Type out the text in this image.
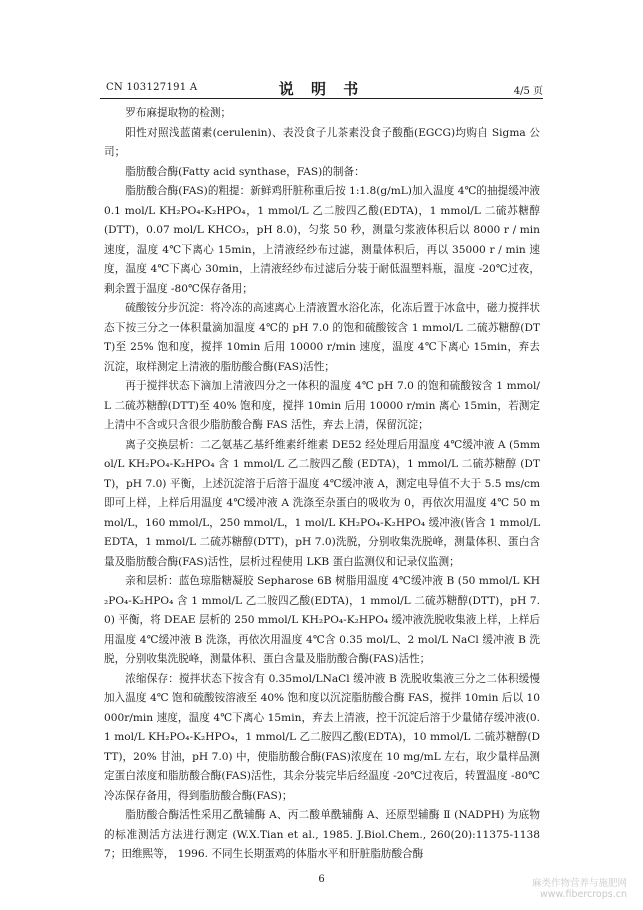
CN 103127191 A	说 明 书	4/5 页

罗布麻提取物的检测；

阳性对照浅蓝菌素(cerulenin)、表没食子儿茶素没食子酸酯(EGCG)均购自 Sigma 公司；

脂肪酸合酶(Fatty acid synthase，FAS)的制备：

脂肪酸合酶(FAS)的粗提：新鲜鸡肝脏称重后按 1:1.8(g/mL)加入温度 4℃的抽提缓冲液 0.1 mol/L KH₂PO₄-K₂HPO₄，1 mmol/L 乙二胺四乙酸(EDTA)，1 mmol/L 二硫苏糖醇(DTT)，0.07 mol/L KHCO₃，pH 8.0)，匀浆 50 秒，测量匀浆液体积后以 8000 r / min 速度，温度 4℃下离心 15min，上清液经纱布过滤，测量体积后，再以 35000 r / min 速度，温度 4℃下离心 30min，上清液经纱布过滤后分装于耐低温塑料瓶，温度 -20℃过夜，剩余置于温度 -80℃保存备用；

硫酸铵分步沉淀：将冷冻的高速离心上清液置水浴化冻，化冻后置于冰盒中，磁力搅拌状态下按三分之一体积量滴加温度 4℃的 pH 7.0 的饱和硫酸铵含 1 mmol/L 二硫苏糖醇(DTT)至 25% 饱和度，搅拌 10min 后用 10000 r/min 速度，温度 4℃下离心 15min，弃去沉淀，取样测定上清液的脂肪酸合酶(FAS)活性；

再于搅拌状态下滴加上清液四分之一体积的温度 4℃ pH 7.0 的饱和硫酸铵含 1 mmol/L 二硫苏糖醇(DTT)至 40% 饱和度，搅拌 10min 后用 10000 r/min 离心 15min，若测定上清中不含或只含很少脂肪酸合酶 FAS 活性，弃去上清，保留沉淀；

离子交换层析：二乙氨基乙基纤维素纤维素 DE52 经处理后用温度 4℃缓冲液 A (5mmol/L KH₂PO₄-K₂HPO₄ 含 1 mmol/L 乙二胺四乙酸 (EDTA)，1 mmol/L 二硫苏糖醇 (DTT)，pH 7.0) 平衡，上述沉淀溶于后溶于温度 4℃缓冲液 A，测定电导值不大于 5.5 ms/cm 即可上样，上样后用温度 4℃缓冲液 A 洗涤至杂蛋白的吸收为 0，再依次用温度 4℃ 50 mmol/L，160 mmol/L，250 mmol/L，1 mol/L KH₂PO₄-K₂HPO₄ 缓冲液(皆含 1 mmol/L EDTA，1 mmol/L 二硫苏糖醇(DTT)，pH 7.0)洗脱，分别收集洗脱峰，测量体积、蛋白含量及脂肪酸合酶(FAS)活性，层析过程使用 LKB 蛋白监测仪和记录仪监测；

亲和层析：蓝色琼脂糖凝胶 Sepharose 6B 树脂用温度 4℃缓冲液 B (50 mmol/L KH₂PO₄-K₂HPO₄ 含 1 mmol/L 乙二胺四乙酸(EDTA)，1 mmol/L 二硫苏糖醇(DTT)，pH 7.0) 平衡，将 DEAE 层析的 250 mmol/L KH₂PO₄-K₂HPO₄ 缓冲液洗脱收集液上样，上样后用温度 4℃缓冲液 B 洗涤，再依次用温度 4℃含 0.35 mol/L、2 mol/L NaCl 缓冲液 B 洗脱，分别收集洗脱峰，测量体积、蛋白含量及脂肪酸合酶(FAS)活性；

浓缩保存：搅拌状态下按含有 0.35mol/LNaCl 缓冲液 B 洗脱收集液三分之二体积缓慢加入温度 4℃ 饱和硫酸铵溶液至 40% 饱和度以沉淀脂肪酸合酶 FAS，搅拌 10min 后以 10000r/min 速度，温度 4℃下离心 15min，弃去上清液，控干沉淀后溶于少量储存缓冲液(0.1 mol/L KH₂PO₄-K₂HPO₄，1 mmol/L 乙二胺四乙酸(EDTA)，10 mmol/L 二硫苏糖醇(DTT)，20% 甘油，pH 7.0) 中，使脂肪酸合酶(FAS)浓度在 10 mg/mL 左右，取少量样品测定蛋白浓度和脂肪酸合酶(FAS)活性，其余分装完毕后经温度 -20℃过夜后，转置温度 -80℃冷冻保存备用，得到脂肪酸合酶(FAS)；

脂肪酸合酶活性采用乙酰辅酶 A、丙二酸单酰辅酶 A、还原型辅酶 Ⅱ (NADPH) 为底物的标准测活方法进行测定 (W.X.Tian et al., 1985. J.Biol.Chem., 260(20):11375-11387；田维熙等， 1996. 不同生长期蛋鸡的体脂水平和肝脏脂肪酸合酶

6	麻类作物营养与施肥网
www.fibercrops.cn
